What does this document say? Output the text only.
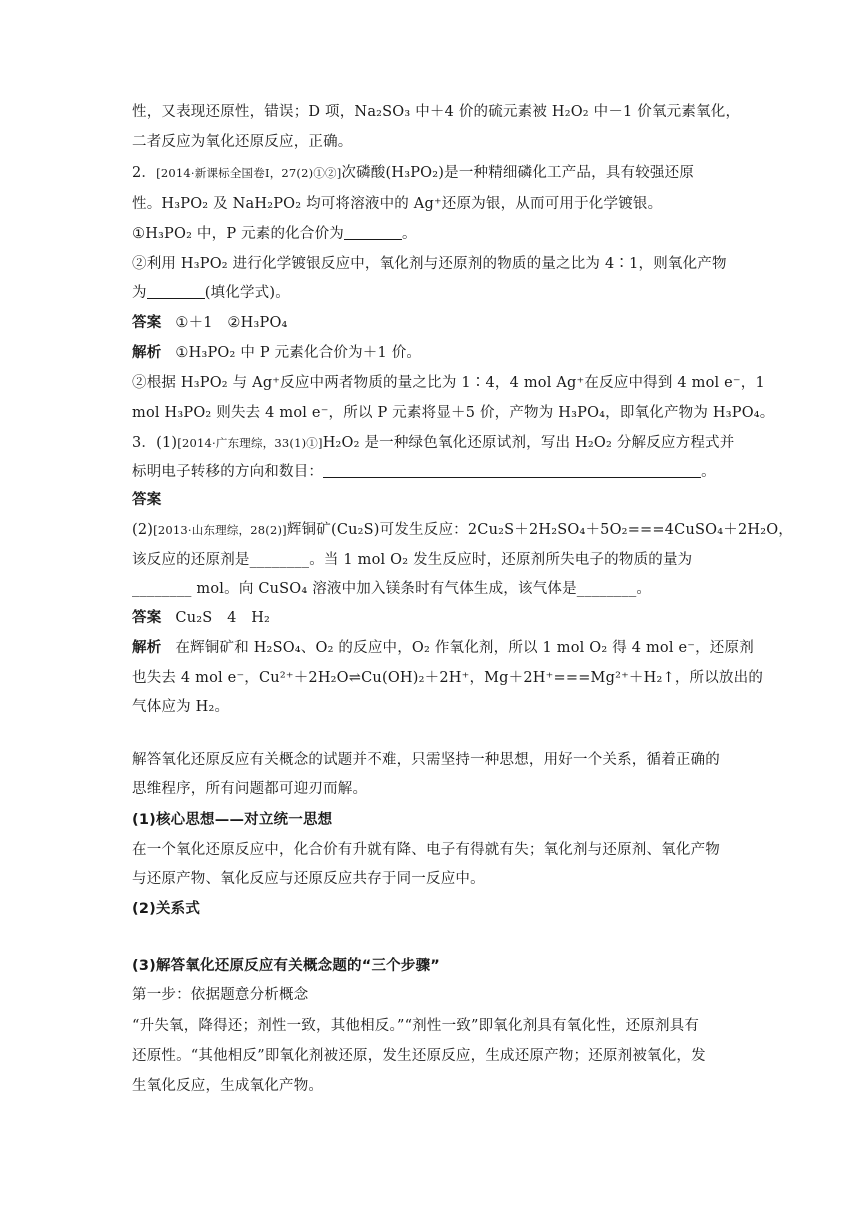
性，又表现还原性，错误；D 项，Na₂SO₃ 中＋4 价的硫元素被 H₂O₂ 中－1 价氧元素氧化，
二者反应为氧化还原反应，正确。
2．[2014·新课标全国卷Ⅰ，27(2)①②]次磷酸(H₃PO₂)是一种精细磷化工产品，具有较强还原
性。H₃PO₂ 及 NaH₂PO₂ 均可将溶液中的 Ag⁺还原为银，从而可用于化学镀银。
①H₃PO₂ 中，P 元素的化合价为	。
②利用 H₃PO₂ 进行化学镀银反应中，氧化剂与还原剂的物质的量之比为 4∶1，则氧化产物
为	(填化学式)。
答案 ①＋1　②H₃PO₄
解析 ①H₃PO₂ 中 P 元素化合价为＋1 价。
②根据 H₃PO₂ 与 Ag⁺反应中两者物质的量之比为 1∶4，4 mol Ag⁺在反应中得到 4 mol e⁻，1
mol H₃PO₂ 则失去 4 mol e⁻，所以 P 元素将显＋5 价，产物为 H₃PO₄，即氧化产物为 H₃PO₄。
3．(1)[2014·广东理综，33(1)①]H₂O₂ 是一种绿色氧化还原试剂，写出 H₂O₂ 分解反应方程式并
标明电子转移的方向和数目：	。
答案
(2)[2013·山东理综，28(2)]辉铜矿(Cu₂S)可发生反应：2Cu₂S＋2H₂SO₄＋5O₂===4CuSO₄＋2H₂O，
该反应的还原剂是________。当 1 mol O₂ 发生反应时，还原剂所失电子的物质的量为
________ mol。向 CuSO₄ 溶液中加入镁条时有气体生成，该气体是________。
答案 Cu₂S　4　H₂
解析 在辉铜矿和 H₂SO₄、O₂ 的反应中，O₂ 作氧化剂，所以 1 mol O₂ 得 4 mol e⁻，还原剂
也失去 4 mol e⁻，Cu²⁺＋2H₂O⇌Cu(OH)₂＋2H⁺，Mg＋2H⁺===Mg²⁺＋H₂↑，所以放出的
气体应为 H₂。
解答氧化还原反应有关概念的试题并不难，只需坚持一种思想，用好一个关系，循着正确的
思维程序，所有问题都可迎刃而解。
(1)核心思想——对立统一思想
在一个氧化还原反应中，化合价有升就有降、电子有得就有失；氧化剂与还原剂、氧化产物
与还原产物、氧化反应与还原反应共存于同一反应中。
(2)关系式
(3)解答氧化还原反应有关概念题的“三个步骤”
第一步：依据题意分析概念
“升失氧，降得还；剂性一致，其他相反。”“剂性一致”即氧化剂具有氧化性，还原剂具有
还原性。“其他相反”即氧化剂被还原，发生还原反应，生成还原产物；还原剂被氧化，发
生氧化反应，生成氧化产物。
